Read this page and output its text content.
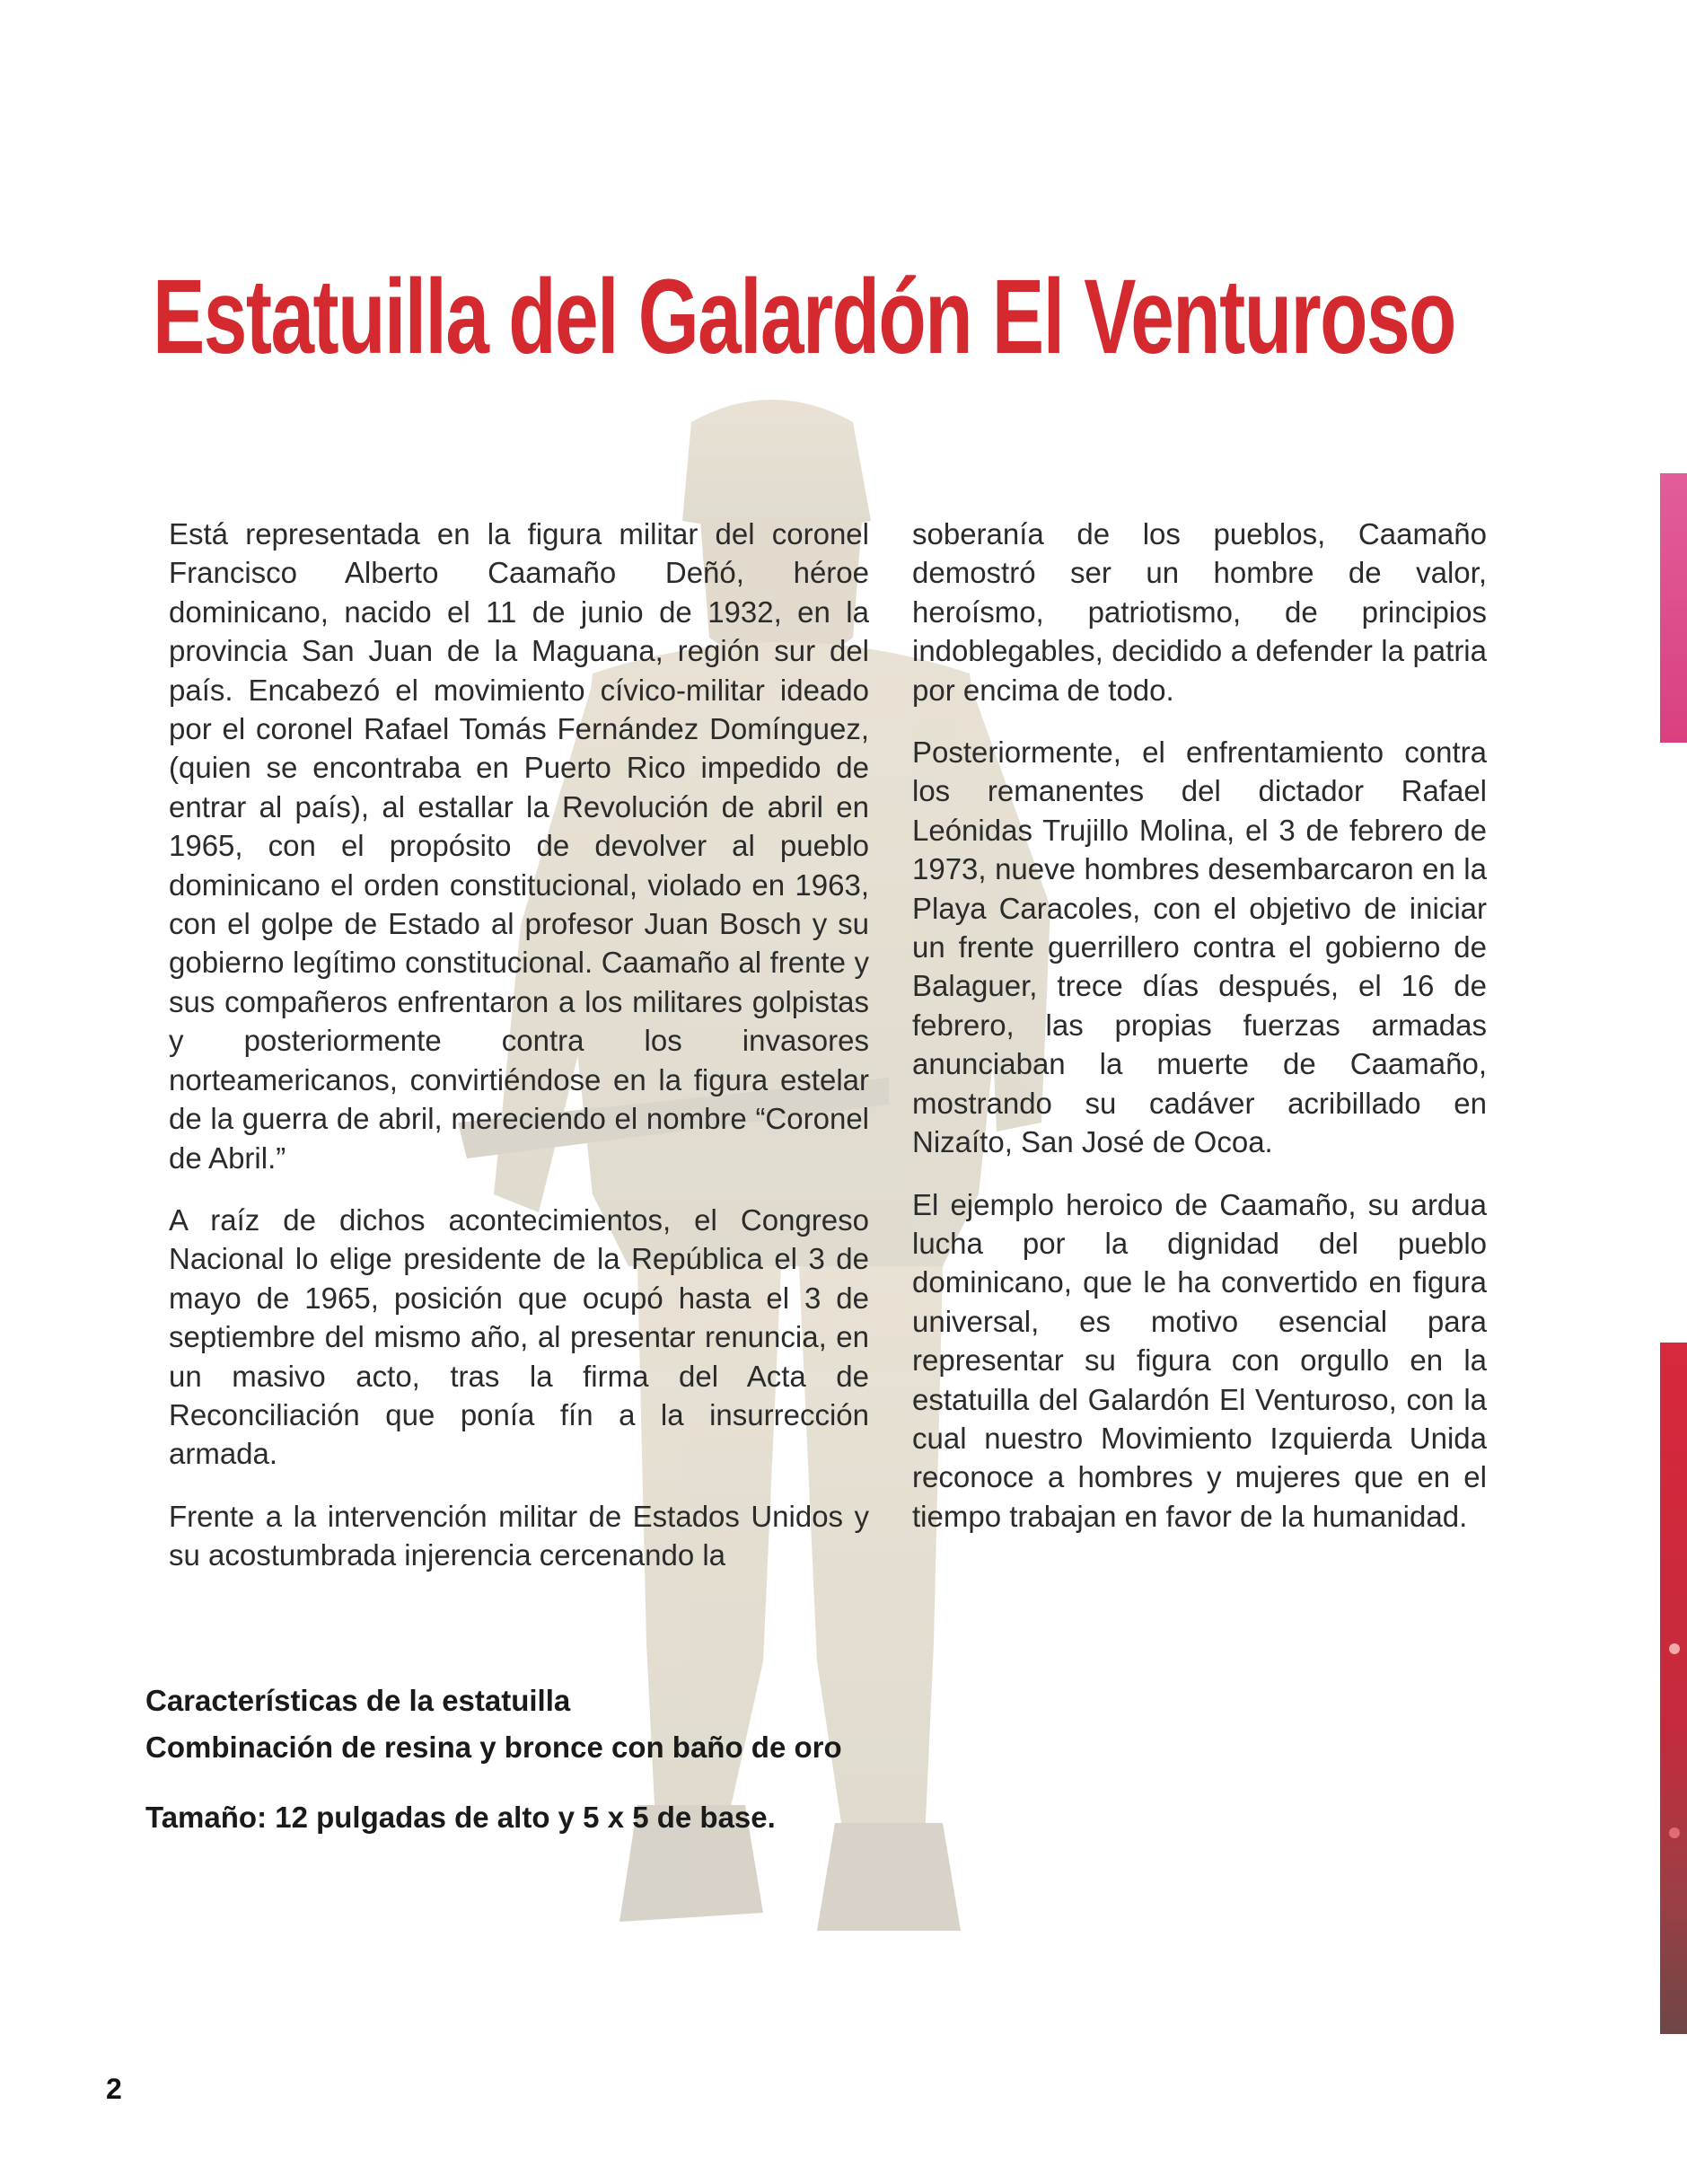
Estatuilla del Galardón El Venturoso

Está representada en la figura militar del coronel Francisco Alberto Caamaño Deñó, héroe dominicano, nacido el 11 de junio de 1932, en la provincia San Juan de la Maguana, región sur del país. Encabezó el movimiento cívico-militar ideado por el coronel Rafael Tomás Fernández Domínguez, (quien se encontraba en Puerto Rico impedido de entrar al país), al estallar la Revolución de abril en 1965, con el propósito de devolver al pueblo dominicano el orden constitucional, violado en 1963, con el golpe de Estado al profesor Juan Bosch y su gobierno legítimo constitucional. Caamaño al frente y sus compañeros enfrentaron a los militares golpistas y posteriormente contra los invasores norteamericanos, convirtiéndose en la figura estelar de la guerra de abril, mereciendo el nombre “Coronel de Abril.”

A raíz de dichos acontecimientos, el Congreso Nacional lo elige presidente de la República el 3 de mayo de 1965, posición que ocupó hasta el 3 de septiembre del mismo año, al presentar renuncia, en un masivo acto, tras la firma del Acta de Reconciliación que ponía fín a la insurrección armada.

Frente a la intervención militar de Estados Unidos y su acostumbrada injerencia cercenando la

soberanía de los pueblos, Caamaño demostró ser un hombre de valor, heroísmo, patriotismo, de principios indoblegables, decidido a defender la patria por encima de todo.

Posteriormente, el enfrentamiento contra los remanentes del dictador Rafael Leónidas Trujillo Molina, el 3 de febrero de 1973, nueve hombres desembarcaron en la Playa Caracoles, con el objetivo de iniciar un frente guerrillero contra el gobierno de Balaguer, trece días después, el 16 de febrero, las propias fuerzas armadas anunciaban la muerte de Caamaño, mostrando su cadáver acribillado en Nizaíto, San José de Ocoa.

El ejemplo heroico de Caamaño, su ardua lucha por la dignidad del pueblo dominicano, que le ha convertido en figura universal, es motivo esencial para representar su figura con orgullo en la estatuilla del Galardón El Venturoso, con la cual nuestro Movimiento Izquierda Unida reconoce a hombres y mujeres que en el tiempo trabajan en favor de la humanidad.

Características de la estatuilla
Combinación de resina y bronce con baño de oro
Tamaño: 12 pulgadas de alto y 5 x 5 de base.
2
